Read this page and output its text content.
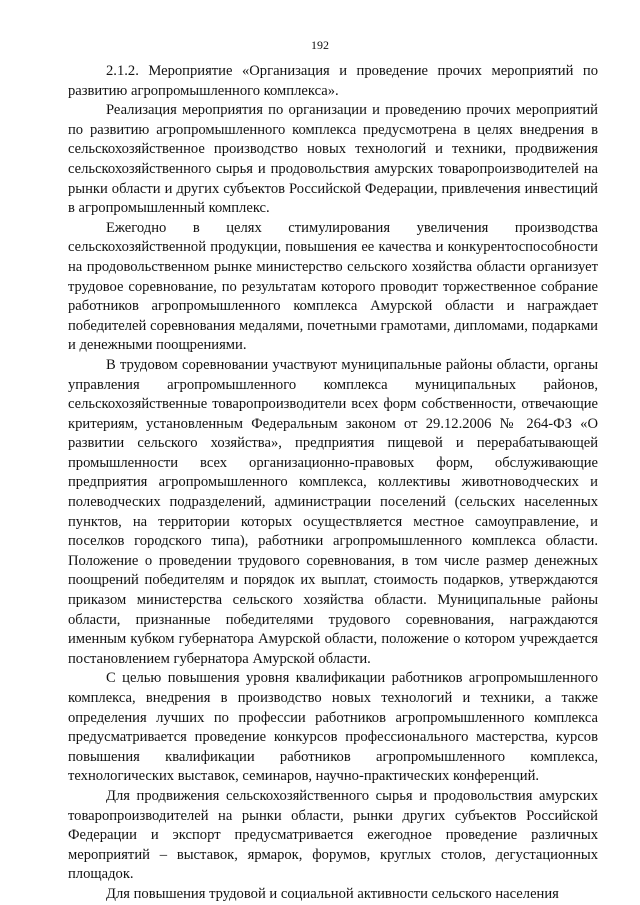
192

2.1.2. Мероприятие «Организация и проведение прочих мероприятий по развитию агропромышленного комплекса».

Реализация мероприятия по организации и проведению прочих мероприятий по развитию агропромышленного комплекса предусмотрена в целях внедрения в сельскохозяйственное производство новых технологий и техники, продвижения сельскохозяйственного сырья и продовольствия амурских товаропроизводителей на рынки области и других субъектов Российской Федерации, привлечения инвестиций в агропромышленный комплекс.

Ежегодно в целях стимулирования увеличения производства сельскохозяйственной продукции, повышения ее качества и конкурентоспособности на продовольственном рынке министерство сельского хозяйства области организует трудовое соревнование, по результатам которого проводит торжественное собрание работников агропромышленного комплекса Амурской области и награждает победителей соревнования медалями, почетными грамотами, дипломами, подарками и денежными поощрениями.

В трудовом соревновании участвуют муниципальные районы области, органы управления агропромышленного комплекса муниципальных районов, сельскохозяйственные товаропроизводители всех форм собственности, отвечающие критериям, установленным Федеральным законом от 29.12.2006 № 264-ФЗ «О развитии сельского хозяйства», предприятия пищевой и перерабатывающей промышленности всех организационно-правовых форм, обслуживающие предприятия агропромышленного комплекса, коллективы животноводческих и полеводческих подразделений, администрации поселений (сельских населенных пунктов, на территории которых осуществляется местное самоуправление, и поселков городского типа), работники агропромышленного комплекса области. Положение о проведении трудового соревнования, в том числе размер денежных поощрений победителям и порядок их выплат, стоимость подарков, утверждаются приказом министерства сельского хозяйства области. Муниципальные районы области, признанные победителями трудового соревнования, награждаются именным кубком губернатора Амурской области, положение о котором учреждается постановлением губернатора Амурской области.

С целью повышения уровня квалификации работников агропромышленного комплекса, внедрения в производство новых технологий и техники, а также определения лучших по профессии работников агропромышленного комплекса предусматривается проведение конкурсов профессионального мастерства, курсов повышения квалификации работников агропромышленного комплекса, технологических выставок, семинаров, научно-практических конференций.

Для продвижения сельскохозяйственного сырья и продовольствия амурских товаропроизводителей на рынки области, рынки других субъектов Российской Федерации и экспорт предусматривается ежегодное проведение различных мероприятий – выставок, ярмарок, форумов, круглых столов, дегустационных площадок.

Для повышения трудовой и социальной активности сельского населения
